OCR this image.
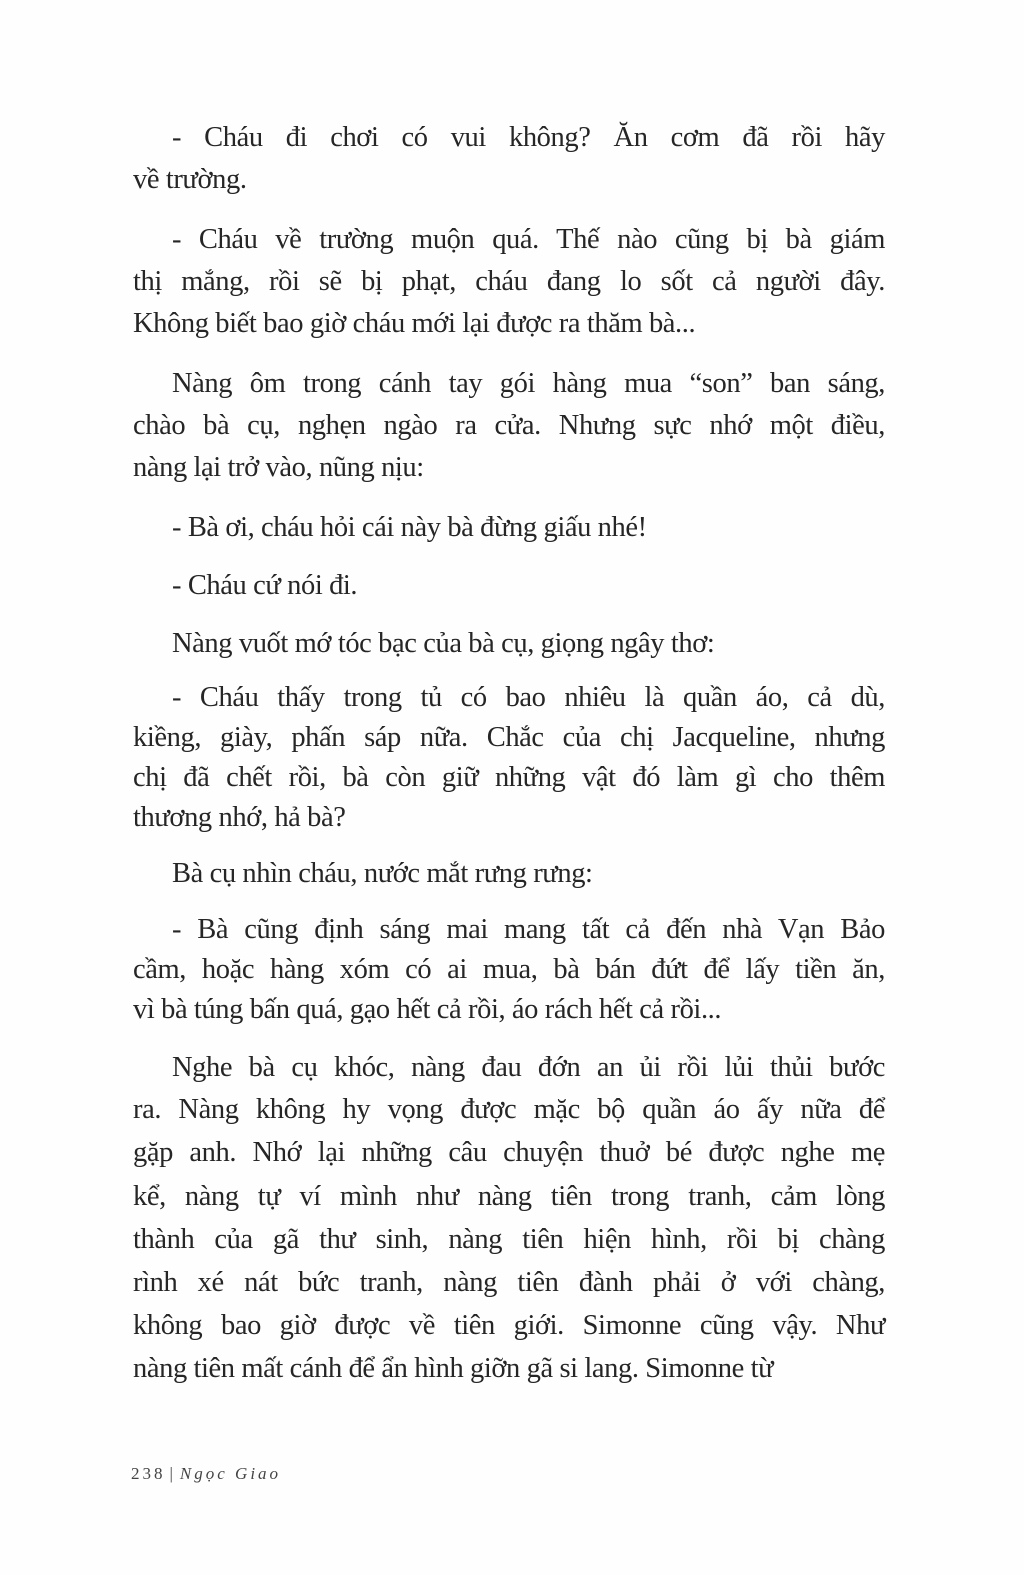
- Cháu đi chơi có vui không? Ăn cơm đã rồi hãy
về trường.
- Cháu về trường muộn quá. Thế nào cũng bị bà giám
thị mắng, rồi sẽ bị phạt, cháu đang lo sốt cả người đây.
Không biết bao giờ cháu mới lại được ra thăm bà...
Nàng ôm trong cánh tay gói hàng mua “son” ban sáng,
chào bà cụ, nghẹn ngào ra cửa. Nhưng sực nhớ một điều,
nàng lại trở vào, nũng nịu:
- Bà ơi, cháu hỏi cái này bà đừng giấu nhé!
- Cháu cứ nói đi.
Nàng vuốt mớ tóc bạc của bà cụ, giọng ngây thơ:
- Cháu thấy trong tủ có bao nhiêu là quần áo, cả dù,
kiềng, giày, phấn sáp nữa. Chắc của chị Jacqueline, nhưng
chị đã chết rồi, bà còn giữ những vật đó làm gì cho thêm
thương nhớ, hả bà?
Bà cụ nhìn cháu, nước mắt rưng rưng:
- Bà cũng định sáng mai mang tất cả đến nhà Vạn Bảo
cầm, hoặc hàng xóm có ai mua, bà bán đứt để lấy tiền ăn,
vì bà túng bấn quá, gạo hết cả rồi, áo rách hết cả rồi...
Nghe bà cụ khóc, nàng đau đớn an ủi rồi lủi thủi bước
ra. Nàng không hy vọng được mặc bộ quần áo ấy nữa để
gặp anh. Nhớ lại những câu chuyện thuở bé được nghe mẹ
kể, nàng tự ví mình như nàng tiên trong tranh, cảm lòng
thành của gã thư sinh, nàng tiên hiện hình, rồi bị chàng
rình xé nát bức tranh, nàng tiên đành phải ở với chàng,
không bao giờ được về tiên giới. Simonne cũng vậy. Như
nàng tiên mất cánh để ẩn hình giỡn gã si lang. Simonne từ
238 | Ngọc Giao
